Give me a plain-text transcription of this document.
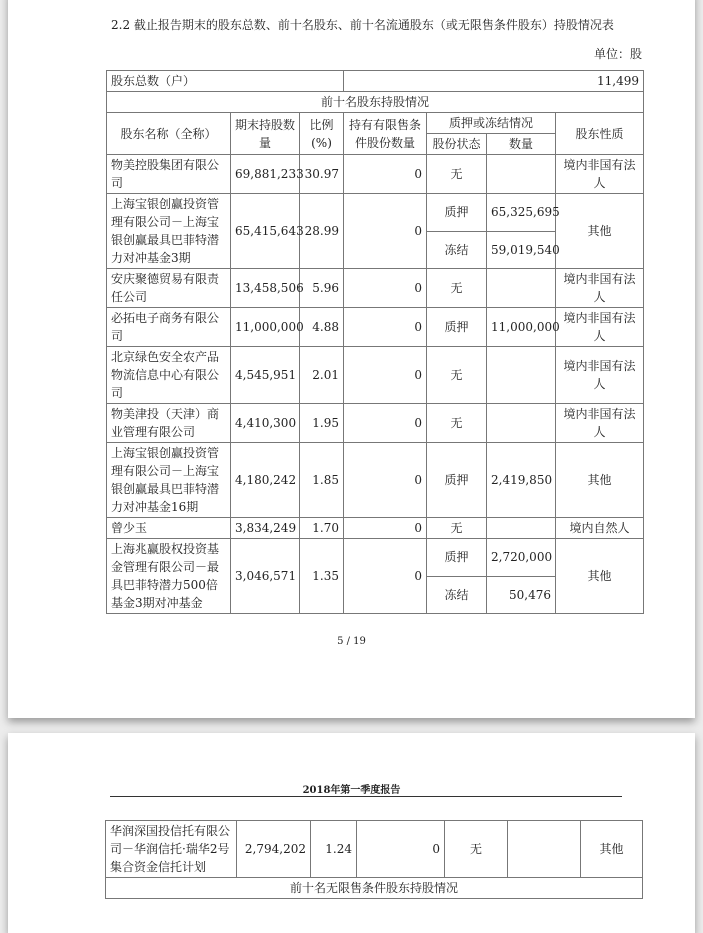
2.2 截止报告期末的股东总数、前十名股东、前十名流通股东（或无限售条件股东）持股情况表
单位：股
股东总数（户）			11,499			
前十名股东持股情况						
股东名称（全称）	期末持股数量	比例(%)	持有有限售条件股份数量	质押或冻结情况		股东性质
				股份状态	数量	
物美控股集团有限公司	69,881,233	30.97	0	无		境内非国有法人
上海宝银创赢投资管理有限公司－上海宝银创赢最具巴菲特潜力对冲基金3期	65,415,643	28.99	0	质押	65,325,695	其他
				冻结	59,019,540	
安庆聚德贸易有限责任公司	13,458,506	5.96	0	无		境内非国有法人
必拓电子商务有限公司	11,000,000	4.88	0	质押	11,000,000	境内非国有法人
北京绿色安全农产品物流信息中心有限公司	4,545,951	2.01	0	无		境内非国有法人
物美津投（天津）商业管理有限公司	4,410,300	1.95	0	无		境内非国有法人
上海宝银创赢投资管理有限公司－上海宝银创赢最具巴菲特潜力对冲基金16期	4,180,242	1.85	0	质押	2,419,850	其他
曾少玉	3,834,249	1.70	0	无		境内自然人
上海兆赢股权投资基金管理有限公司－最具巴菲特潜力500倍基金3期对冲基金	3,046,571	1.35	0	质押	2,720,000	其他
				冻结	50,476	
5 / 19
2018年第一季度报告
华润深国投信托有限公司－华润信托·瑞华2号集合资金信托计划	2,794,202	1.24	0	无		其他
前十名无限售条件股东持股情况
